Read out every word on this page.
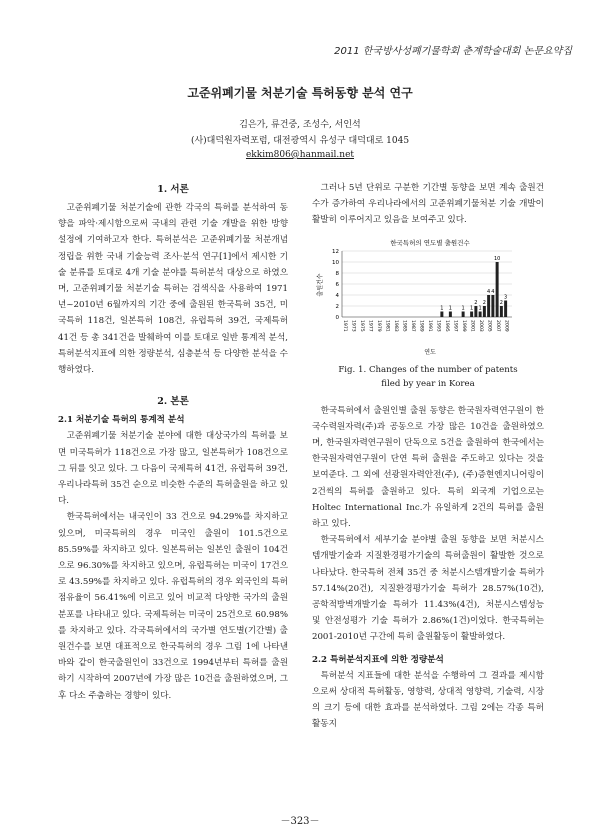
2011 한국방사성폐기물학회 춘계학술대회 논문요약집
고준위폐기물 처분기술 특허동향 분석 연구
김은가, 류건중, 조성수, 서인석
(사)대덕원자력포럼, 대전광역시 유성구 대덕대로 1045
ekkim806@hanmail.net
1. 서론

고준위폐기물 처분기술에 관한 각국의 특허를 분석하여 동향을 파악·제시함으로써 국내의 관련 기술 개발을 위한 방향 설정에 기여하고자 한다. 특허분석은 고준위폐기물 처분개념 정립을 위한 국내 기술능력 조사·분석 연구[1]에서 제시한 기술 분류를 토대로 4개 기술 분야를 특허분석 대상으로 하였으며, 고준위폐기물 처분기술 특허는 검색식을 사용하여 1971년~2010년 6월까지의 기간 중에 출원된 한국특허 35건, 미국특허 118건, 일본특허 108건, 유럽특허 39건, 국제특허 41건 등 총 341건을 발췌하여 이를 토대로 일반 통계적 분석, 특허분석지표에 의한 정량분석, 심층분석 등 다양한 분석을 수행하였다.

2. 본론
2.1 처분기술 특허의 통계적 분석

고준위폐기물 처분기술 분야에 대한 대상국가의 특허를 보면 미국특허가 118건으로 가장 많고, 일본특허가 108건으로 그 뒤를 잇고 있다. 그 다음이 국제특허 41건, 유럽특허 39건, 우리나라특허 35건 순으로 비슷한 수준의 특허출원을 하고 있다.

한국특허에서는 내국인이 33 건으로 94.29%를 차지하고 있으며, 미국특허의 경우 미국인 출원이 101.5건으로 85.59%를 차지하고 있다. 일본특허는 일본인 출원이 104건으로 96.30%를 차지하고 있으며, 유럽특허는 미국이 17건으로 43.59%를 차지하고 있다. 유럽특허의 경우 외국인의 특허 점유율이 56.41%에 이르고 있어 비교적 다양한 국가의 출원분포를 나타내고 있다. 국제특허는 미국이 25건으로 60.98%를 차지하고 있다. 각국특허에서의 국가별 연도별(기간별) 출원건수를 보면 대표적으로 한국특허의 경우 그림 1에 나타낸 바와 같이 한국출원인이 33건으로 1994년부터 특허를 출원하기 시작하여 2007년에 가장 많은 10건을 출원하였으며, 그 후 다소 주춤하는 경향이 있다.

그러나 5년 단위로 구분한 기간별 동향을 보면 계속 출원건수가 증가하여 우리나라에서의 고준위폐기물처분 기술 개발이 활발히 이루어지고 있음을 보여주고 있다.

한국특허의 연도별 출원건수
출원건수
연도
0
2
4
6
8
10
12
1971 1973 1975 1977 1979 1981 1983 1985 1987 1989 1991 1993 1995 1997 1999 2001 2003 2005 2007 2009
1 1 1 1
2
1
2
4 4
10
2
3
Fig. 1. Changes of the number of patents
filed by year in Korea

한국특허에서 출원인별 출원 동향은 한국원자력연구원이 한국수력원자력(주)과 공동으로 가장 많은 10건을 출원하였으며, 한국원자력연구원이 단독으로 5건을 출원하여 한국에서는 한국원자력연구원이 단연 특허 출원을 주도하고 있다는 것을 보여준다. 그 외에 선광원자력안전(주), (주)증현엔지니어링이 2건씩의 특허를 출원하고 있다. 특히 외국계 기업으로는 Holtec International Inc.가 유일하게 2건의 특허를 출원하고 있다.

한국특허에서 세부기술 분야별 출원 동향을 보면 처분시스템개발기술과 지질환경평가기술의 특허출원이 활발한 것으로 나타났다. 한국특허 전체 35건 중 처분시스템개발기술 특허가 57.14%(20건), 지질환경평가기술 특허가 28.57%(10건), 공학적방벽개발기술 특허가 11.43%(4건), 처분시스템성능 및 안전성평가 기술 특허가 2.86%(1건)이었다. 한국특허는 2001-2010년 구간에 특히 출원활동이 활발하였다.

2.2 특허분석지표에 의한 정량분석

특허분석 지표들에 대한 분석을 수행하여 그 결과를 제시함으로써 상대적 특허활동, 영향력, 상대적 영향력, 기술력, 시장의 크기 등에 대한 효과를 분석하였다. 그림 2에는 각종 특허활동지

－323－
